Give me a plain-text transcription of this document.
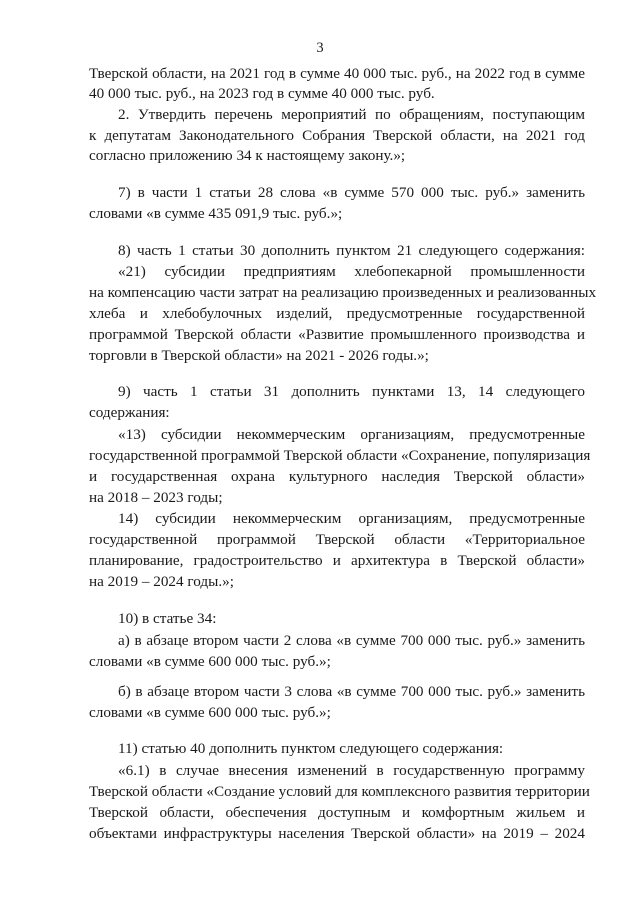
3
Тверской области, на 2021 год в сумме 40 000 тыс. руб., на 2022 год в сумме
40 000 тыс. руб., на 2023 год в сумме 40 000 тыс. руб.
2. Утвердить перечень мероприятий по обращениям, поступающим
к депутатам Законодательного Собрания Тверской области, на 2021 год
согласно приложению 34 к настоящему закону.»;
7) в части 1 статьи 28 слова «в сумме 570 000 тыс. руб.» заменить
словами «в сумме 435 091,9 тыс. руб.»;
8) часть 1 статьи 30 дополнить пунктом 21 следующего содержания:
«21) субсидии предприятиям хлебопекарной промышленности
на компенсацию части затрат на реализацию произведенных и реализованных
хлеба и хлебобулочных изделий, предусмотренные государственной
программой Тверской области «Развитие промышленного производства и
торговли в Тверской области» на 2021 - 2026 годы.»;
9) часть 1 статьи 31 дополнить пунктами 13, 14 следующего
содержания:
«13) субсидии некоммерческим организациям, предусмотренные
государственной программой Тверской области «Сохранение, популяризация
и государственная охрана культурного наследия Тверской области»
на 2018 – 2023 годы;
14) субсидии некоммерческим организациям, предусмотренные
государственной программой Тверской области «Территориальное
планирование, градостроительство и архитектура в Тверской области»
на 2019 – 2024 годы.»;
10) в статье 34:
а) в абзаце втором части 2 слова «в сумме 700 000 тыс. руб.» заменить
словами «в сумме 600 000 тыс. руб.»;
б) в абзаце втором части 3 слова «в сумме 700 000 тыс. руб.» заменить
словами «в сумме 600 000 тыс. руб.»;
11) статью 40 дополнить пунктом следующего содержания:
«6.1) в случае внесения изменений в государственную программу
Тверской области «Создание условий для комплексного развития территории
Тверской области, обеспечения доступным и комфортным жильем и
объектами инфраструктуры населения Тверской области» на 2019 – 2024
